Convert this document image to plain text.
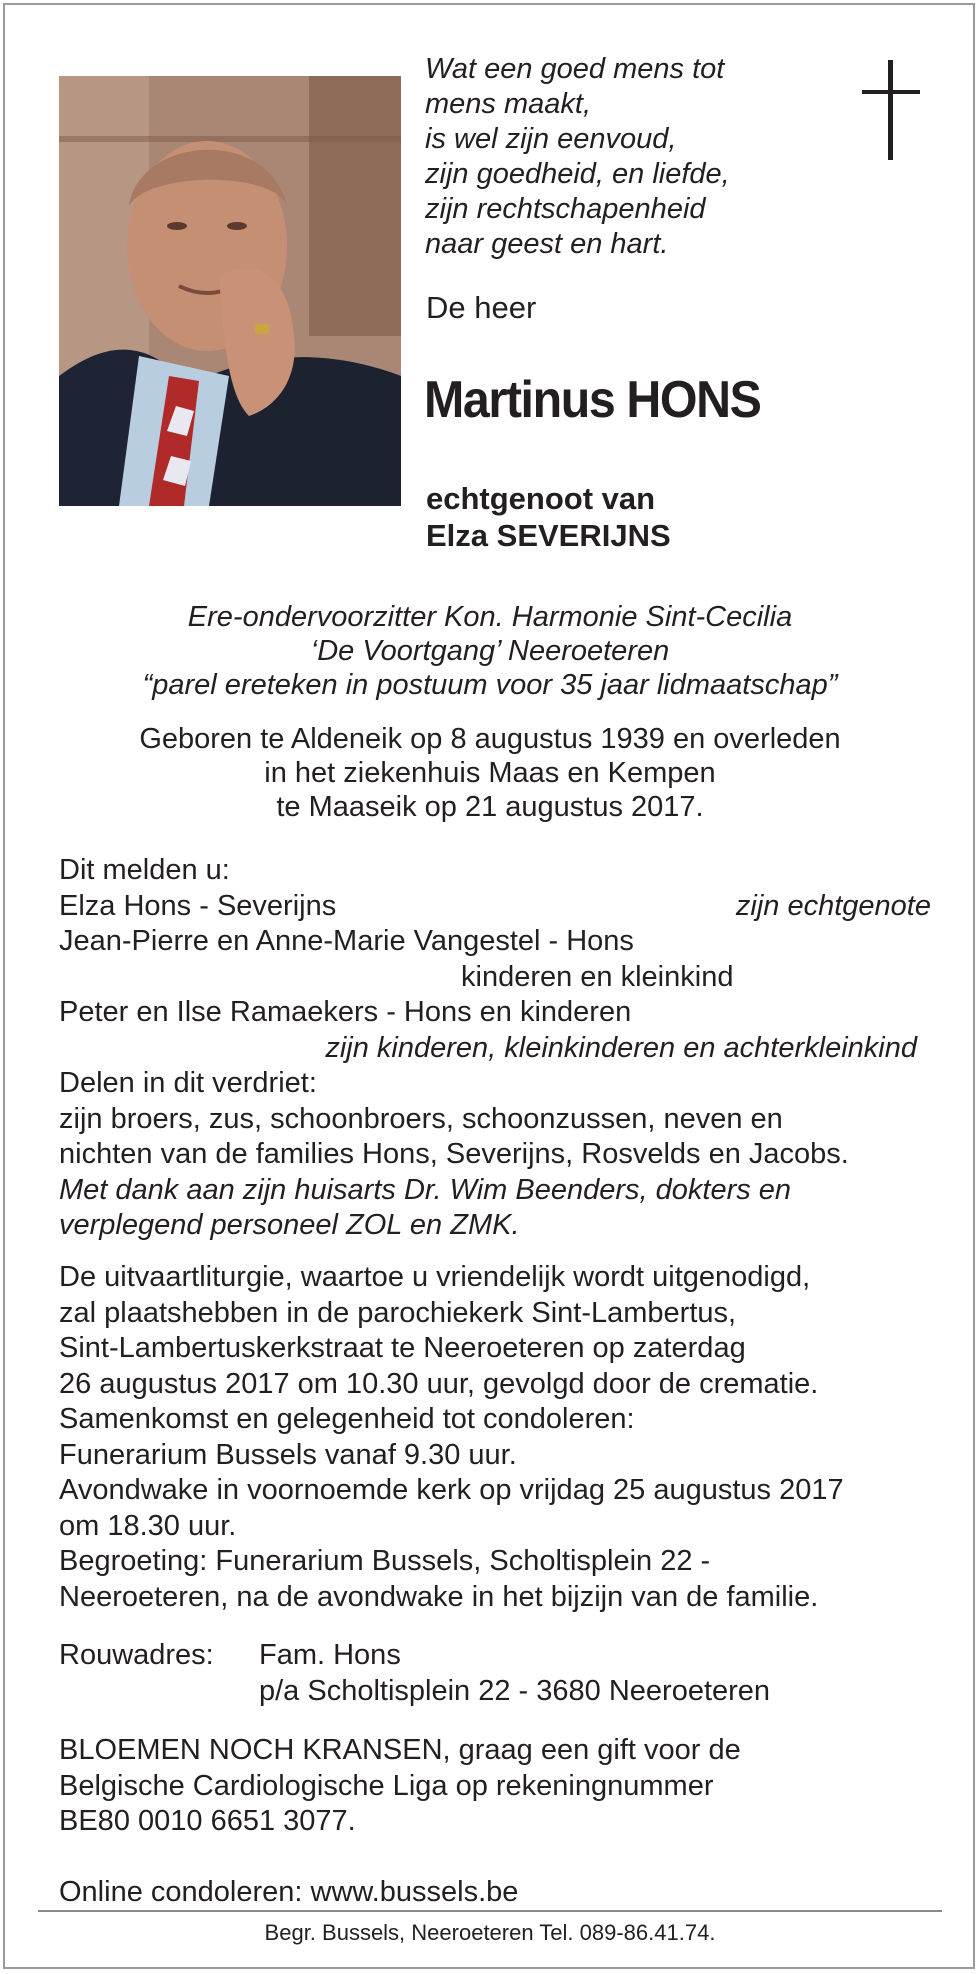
Wat een goed mens tot
mens maakt,
is wel zijn eenvoud,
zijn goedheid, en liefde,
zijn rechtschapenheid
naar geest en hart.
De heer
Martinus HONS
echtgenoot van
Elza SEVERIJNS
Ere-ondervoorzitter Kon. Harmonie Sint-Cecilia
‘De Voortgang’ Neeroeteren
“parel ereteken in postuum voor 35 jaar lidmaatschap”
Geboren te Aldeneik op 8 augustus 1939 en overleden
in het ziekenhuis Maas en Kempen
te Maaseik op 21 augustus 2017.
Dit melden u:
Elza Hons - Severijns	zijn echtgenote
Jean-Pierre en Anne-Marie Vangestel - Hons
kinderen en kleinkind
Peter en Ilse Ramaekers - Hons en kinderen
zijn kinderen, kleinkinderen en achterkleinkind
Delen in dit verdriet:
zijn broers, zus, schoonbroers, schoonzussen, neven en
nichten van de families Hons, Severijns, Rosvelds en Jacobs.
Met dank aan zijn huisarts Dr. Wim Beenders, dokters en
verplegend personeel ZOL en ZMK.
De uitvaartliturgie, waartoe u vriendelijk wordt uitgenodigd,
zal plaatshebben in de parochiekerk Sint-Lambertus,
Sint-Lambertuskerkstraat te Neeroeteren op zaterdag
26 augustus 2017 om 10.30 uur, gevolgd door de crematie.
Samenkomst en gelegenheid tot condoleren:
Funerarium Bussels vanaf 9.30 uur.
Avondwake in voornoemde kerk op vrijdag 25 augustus 2017
om 18.30 uur.
Begroeting: Funerarium Bussels, Scholtisplein 22 -
Neeroeteren, na de avondwake in het bijzijn van de familie.
Rouwadres:	Fam. Hons
p/a Scholtisplein 22 - 3680 Neeroeteren
BLOEMEN NOCH KRANSEN, graag een gift voor de
Belgische Cardiologische Liga op rekeningnummer
BE80 0010 6651 3077.
Online condoleren: www.bussels.be
Begr. Bussels, Neeroeteren Tel. 089-86.41.74.
